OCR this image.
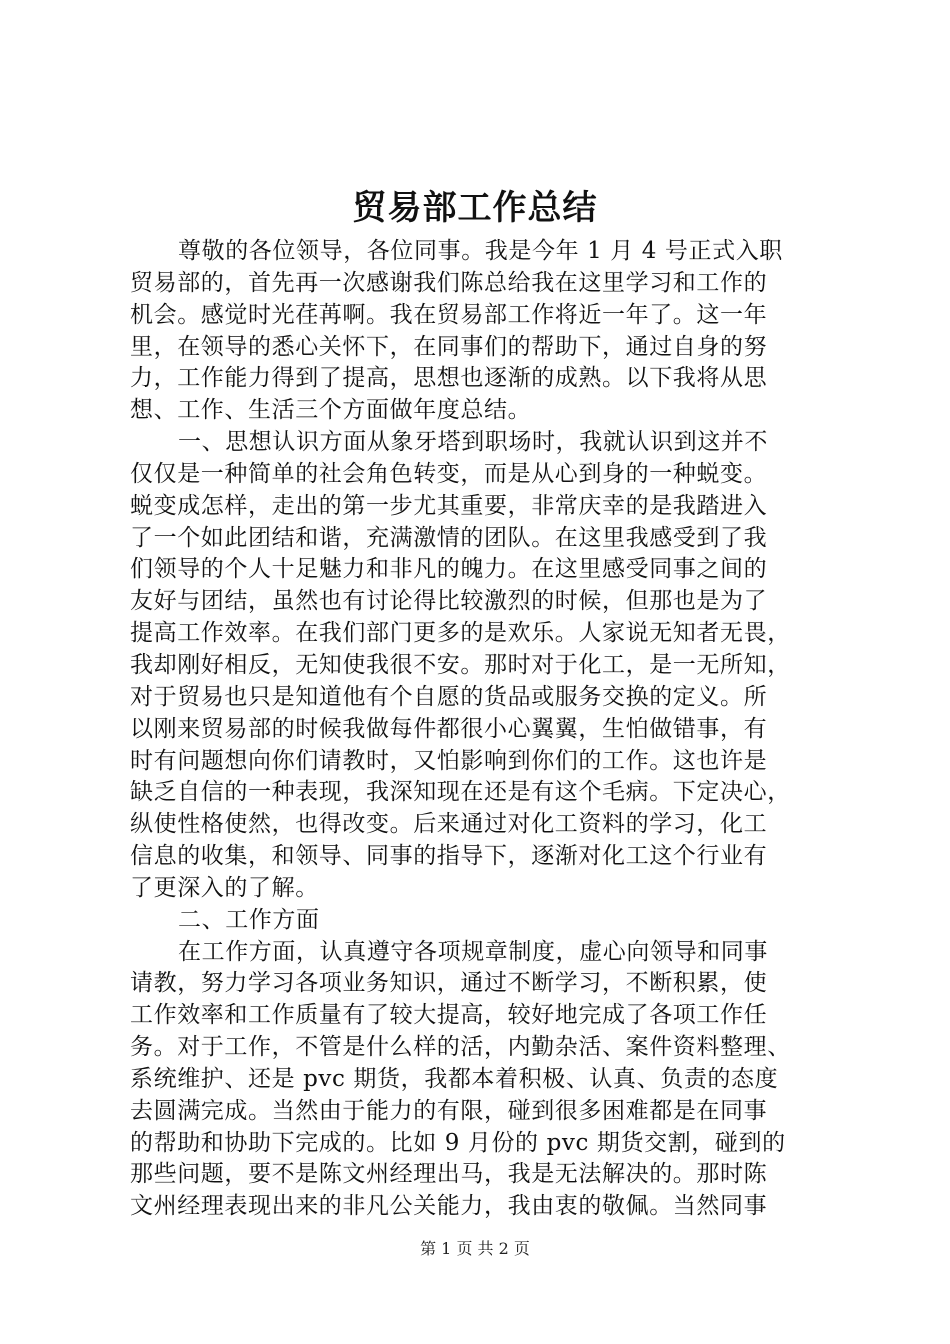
贸易部工作总结
尊敬的各位领导，各位同事。我是今年 1 月 4 号正式入职
贸易部的，首先再一次感谢我们陈总给我在这里学习和工作的
机会。感觉时光荏苒啊。我在贸易部工作将近一年了。这一年
里，在领导的悉心关怀下，在同事们的帮助下，通过自身的努
力，工作能力得到了提高，思想也逐渐的成熟。以下我将从思
想、工作、生活三个方面做年度总结。
一、思想认识方面从象牙塔到职场时，我就认识到这并不
仅仅是一种简单的社会角色转变，而是从心到身的一种蜕变。
蜕变成怎样，走出的第一步尤其重要，非常庆幸的是我踏进入
了一个如此团结和谐，充满激情的团队。在这里我感受到了我
们领导的个人十足魅力和非凡的魄力。在这里感受同事之间的
友好与团结，虽然也有讨论得比较激烈的时候，但那也是为了
提高工作效率。在我们部门更多的是欢乐。人家说无知者无畏，
我却刚好相反，无知使我很不安。那时对于化工，是一无所知，
对于贸易也只是知道他有个自愿的货品或服务交换的定义。所
以刚来贸易部的时候我做每件都很小心翼翼，生怕做错事，有
时有问题想向你们请教时，又怕影响到你们的工作。这也许是
缺乏自信的一种表现，我深知现在还是有这个毛病。下定决心，
纵使性格使然，也得改变。后来通过对化工资料的学习，化工
信息的收集，和领导、同事的指导下，逐渐对化工这个行业有
了更深入的了解。
二、工作方面
在工作方面，认真遵守各项规章制度，虚心向领导和同事
请教，努力学习各项业务知识，通过不断学习，不断积累，使
工作效率和工作质量有了较大提高，较好地完成了各项工作任
务。对于工作，不管是什么样的活，内勤杂活、案件资料整理、
系统维护、还是 pvc 期货，我都本着积极、认真、负责的态度
去圆满完成。当然由于能力的有限，碰到很多困难都是在同事
的帮助和协助下完成的。比如 9 月份的 pvc 期货交割，碰到的
那些问题，要不是陈文州经理出马，我是无法解决的。那时陈
文州经理表现出来的非凡公关能力，我由衷的敬佩。当然同事
第 1 页 共 2 页
